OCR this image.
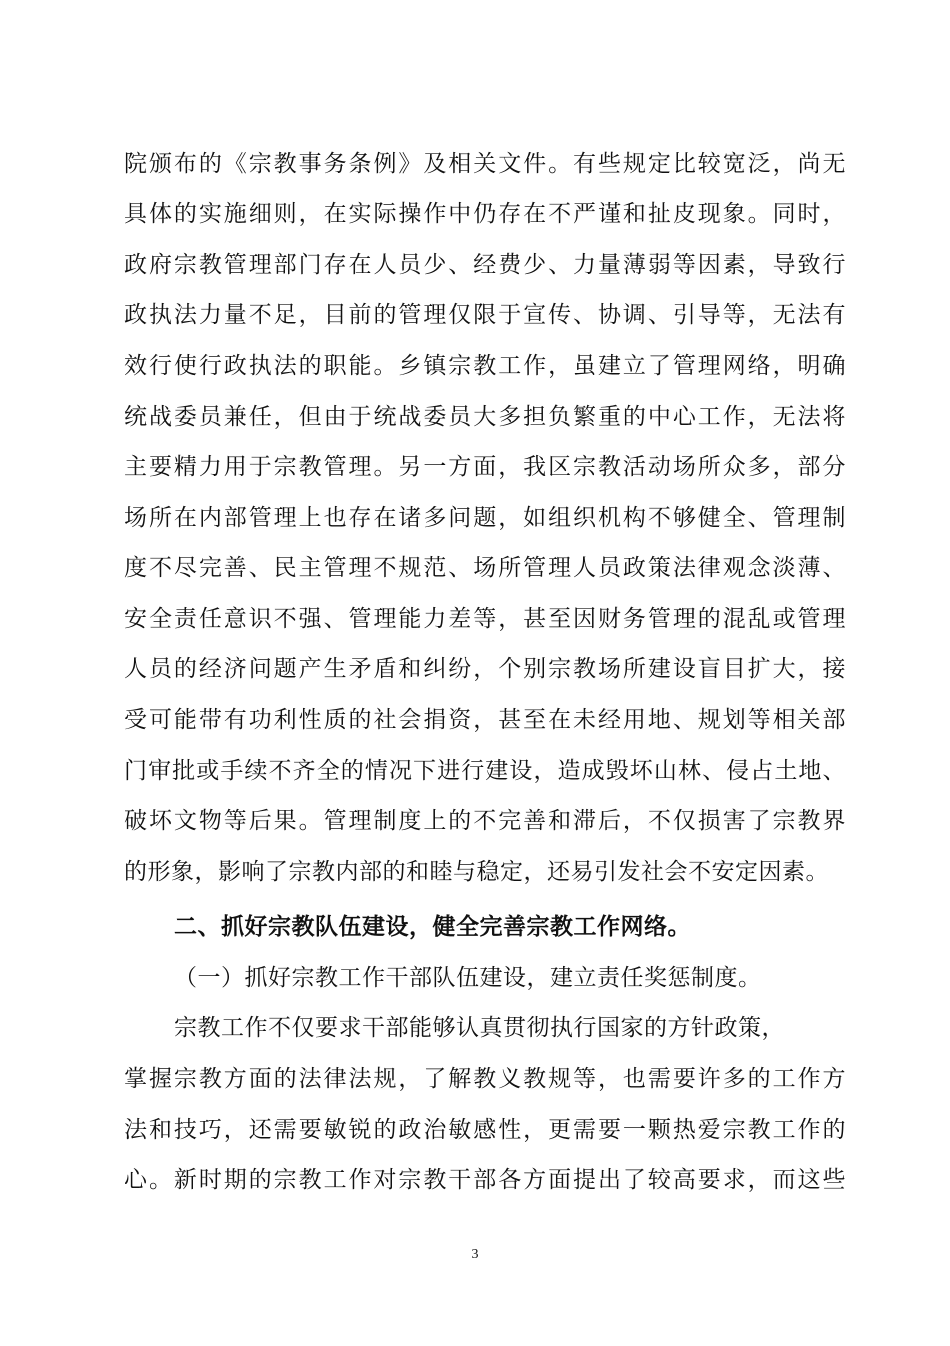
院颁布的《宗教事务条例》及相关文件。有些规定比较宽泛，尚无
具体的实施细则，在实际操作中仍存在不严谨和扯皮现象。同时，
政府宗教管理部门存在人员少、经费少、力量薄弱等因素，导致行
政执法力量不足，目前的管理仅限于宣传、协调、引导等，无法有
效行使行政执法的职能。乡镇宗教工作，虽建立了管理网络，明确
统战委员兼任，但由于统战委员大多担负繁重的中心工作，无法将
主要精力用于宗教管理。另一方面，我区宗教活动场所众多，部分
场所在内部管理上也存在诸多问题，如组织机构不够健全、管理制
度不尽完善、民主管理不规范、场所管理人员政策法律观念淡薄、
安全责任意识不强、管理能力差等，甚至因财务管理的混乱或管理
人员的经济问题产生矛盾和纠纷，个别宗教场所建设盲目扩大，接
受可能带有功利性质的社会捐资，甚至在未经用地、规划等相关部
门审批或手续不齐全的情况下进行建设，造成毁坏山林、侵占土地、
破坏文物等后果。管理制度上的不完善和滞后，不仅损害了宗教界
的形象，影响了宗教内部的和睦与稳定，还易引发社会不安定因素。
二、抓好宗教队伍建设，健全完善宗教工作网络。
（一）抓好宗教工作干部队伍建设，建立责任奖惩制度。
宗教工作不仅要求干部能够认真贯彻执行国家的方针政策，
掌握宗教方面的法律法规，了解教义教规等，也需要许多的工作方
法和技巧，还需要敏锐的政治敏感性，更需要一颗热爱宗教工作的
心。新时期的宗教工作对宗教干部各方面提出了较高要求，而这些
3
